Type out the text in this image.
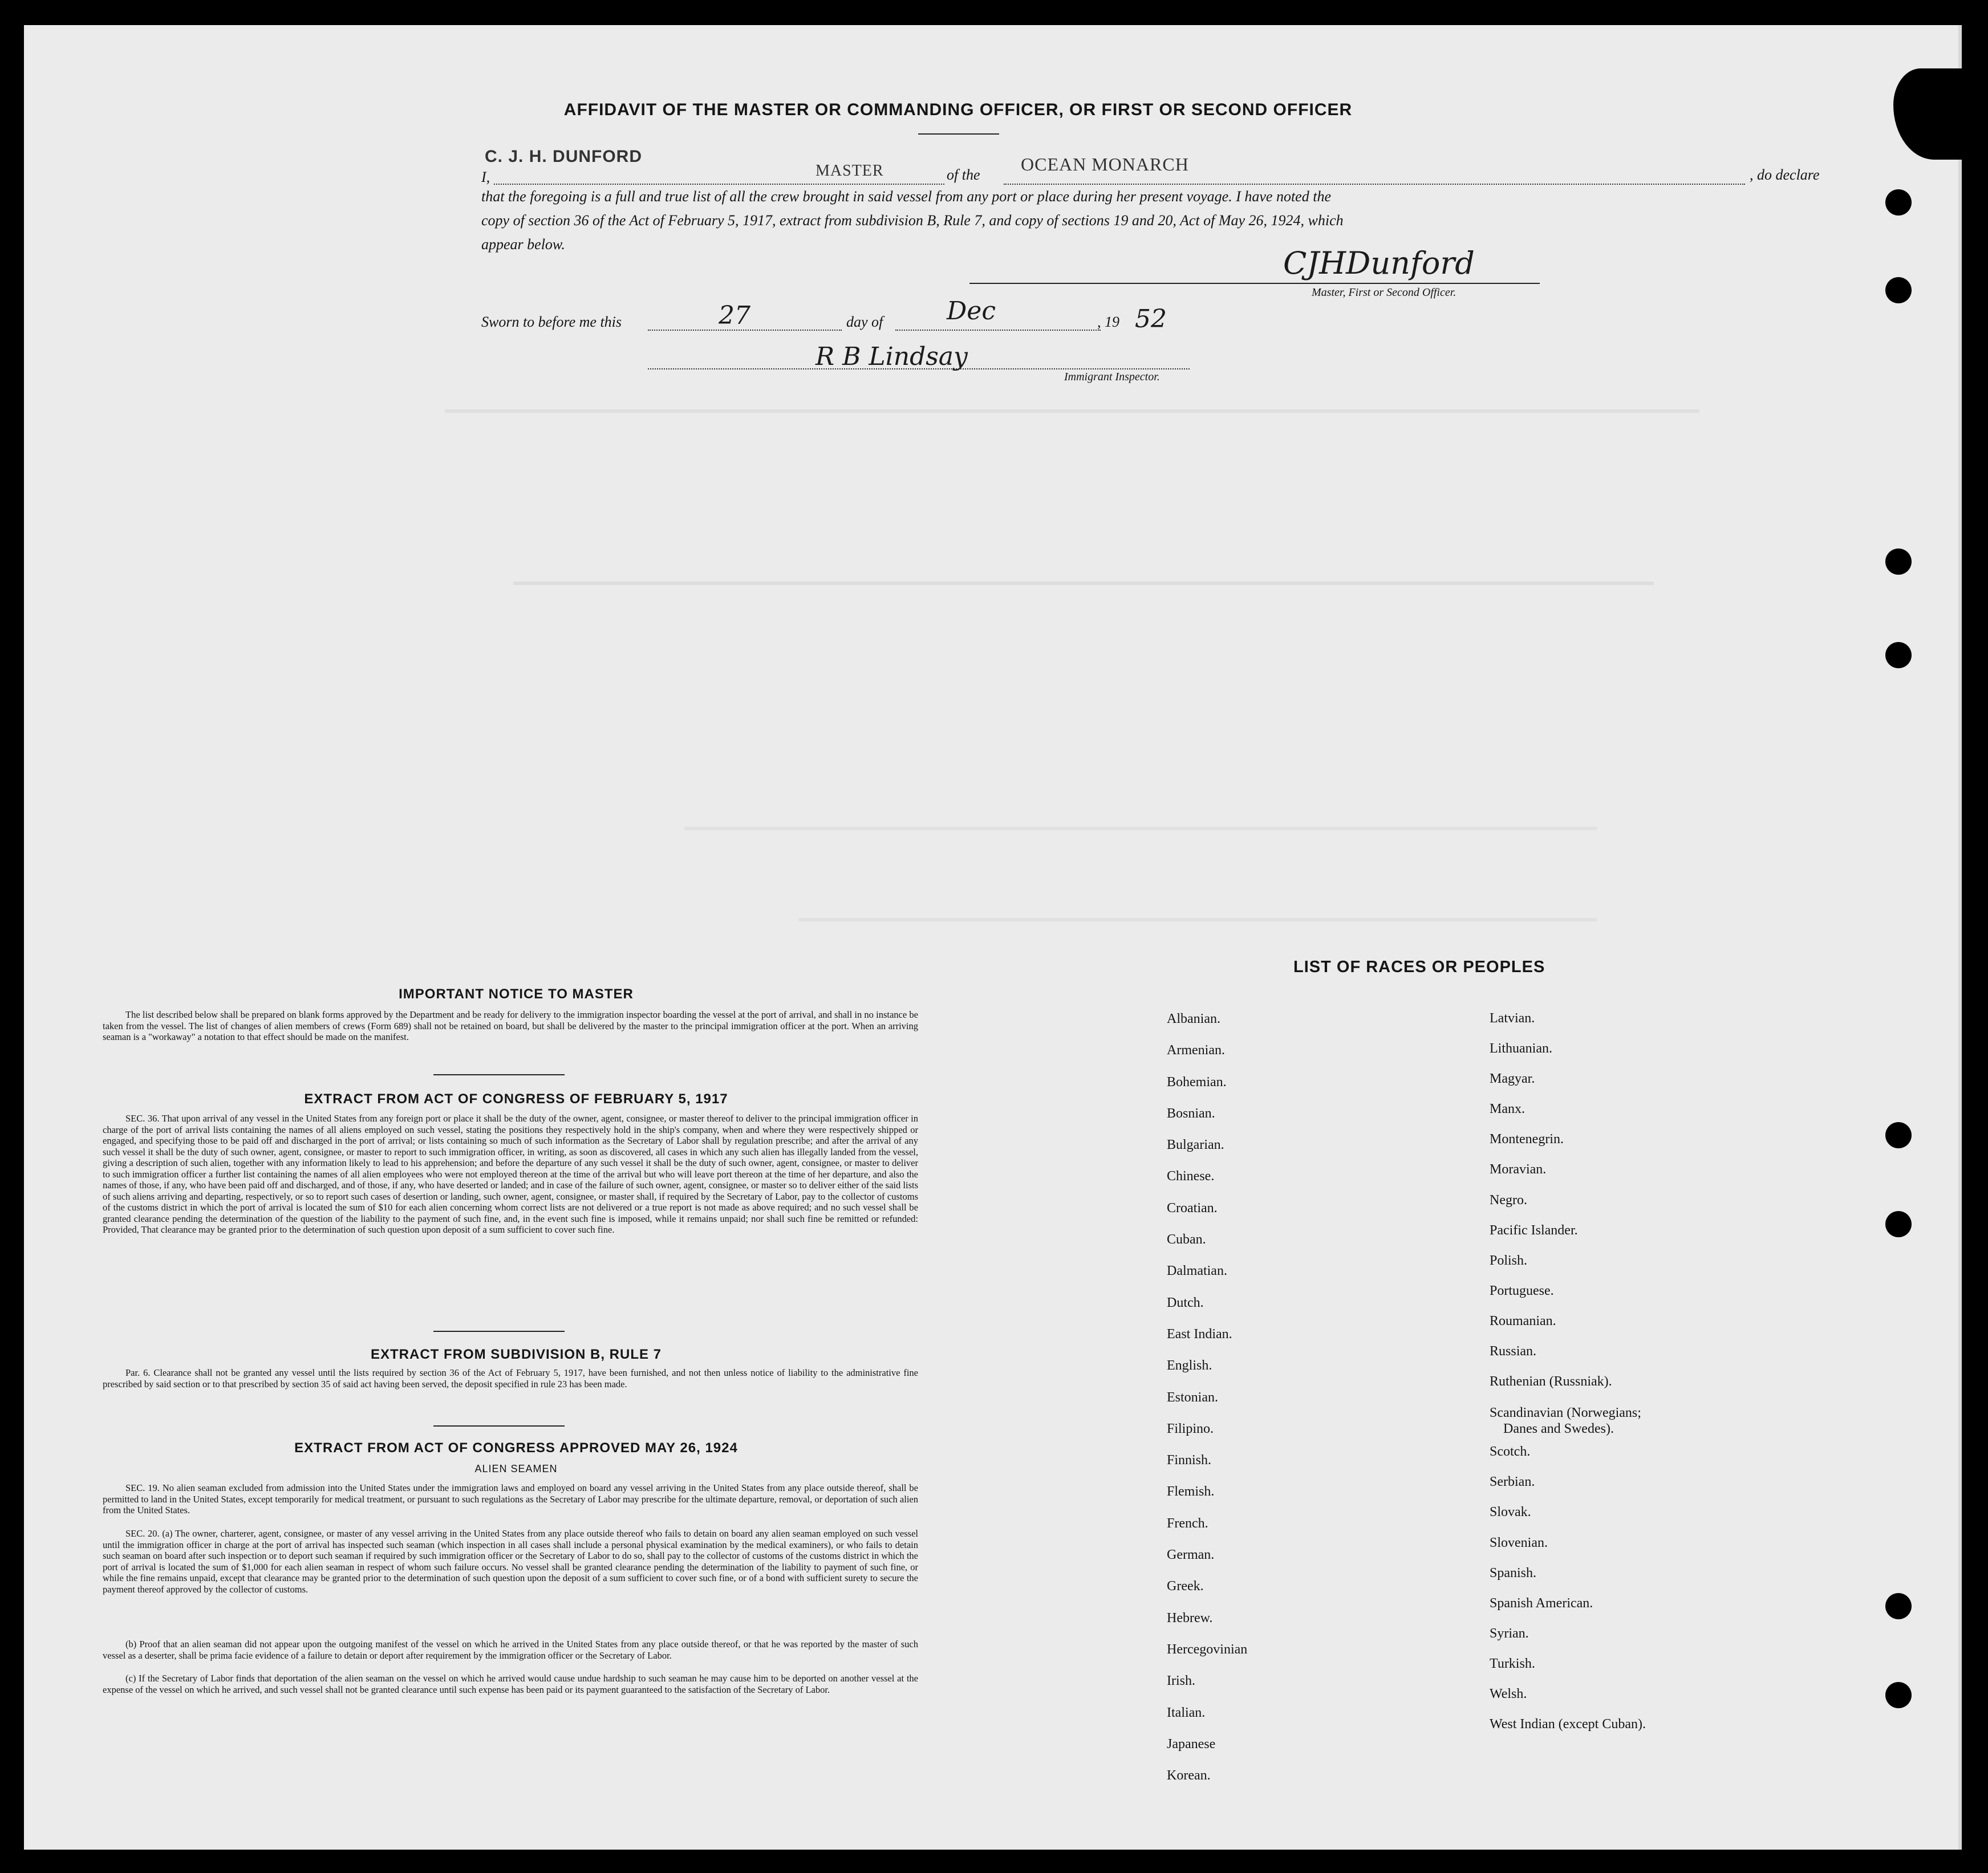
AFFIDAVIT OF THE MASTER OR COMMANDING OFFICER, OR FIRST OR SECOND OFFICER
I,
C. J. H. DUNFORD
MASTER	of the
OCEAN MONARCH
, do declare
that the foregoing is a full and true list of all the crew brought in said vessel from any port or place during her present voyage. I have noted the
copy of section 36 of the Act of February 5, 1917, extract from subdivision B, Rule 7, and copy of sections 19 and 20, Act of May 26, 1924, which
appear below.
CJHDunford
Master, First or Second Officer.
Sworn to before me this	27	day of	Dec	, 19 52
R B Lindsay
Immigrant Inspector.
IMPORTANT NOTICE TO MASTER
The list described below shall be prepared on blank forms approved by the Department and be ready for delivery to the immigration inspector boarding the vessel at the port of arrival, and shall in no instance be taken from the vessel. The list of changes of alien members of crews (Form 689) shall not be retained on board, but shall be delivered by the master to the principal immigration officer at the port. When an arriving seaman is a "workaway" a notation to that effect should be made on the manifest.
EXTRACT FROM ACT OF CONGRESS OF FEBRUARY 5, 1917
SEC. 36. That upon arrival of any vessel in the United States from any foreign port or place it shall be the duty of the owner, agent, consignee, or master thereof to deliver to the principal immigration officer in charge of the port of arrival lists containing the names of all aliens employed on such vessel, stating the positions they respectively hold in the ship's company, when and where they were respectively shipped or engaged, and specifying those to be paid off and discharged in the port of arrival; or lists containing so much of such information as the Secretary of Labor shall by regulation prescribe; and after the arrival of any such vessel it shall be the duty of such owner, agent, consignee, or master to report to such immigration officer, in writing, as soon as discovered, all cases in which any such alien has illegally landed from the vessel, giving a description of such alien, together with any information likely to lead to his apprehension; and before the departure of any such vessel it shall be the duty of such owner, agent, consignee, or master to deliver to such immigration officer a further list containing the names of all alien employees who were not employed thereon at the time of the arrival but who will leave port thereon at the time of her departure, and also the names of those, if any, who have been paid off and discharged, and of those, if any, who have deserted or landed; and in case of the failure of such owner, agent, consignee, or master so to deliver either of the said lists of such aliens arriving and departing, respectively, or so to report such cases of desertion or landing, such owner, agent, consignee, or master shall, if required by the Secretary of Labor, pay to the collector of customs of the customs district in which the port of arrival is located the sum of $10 for each alien concerning whom correct lists are not delivered or a true report is not made as above required; and no such vessel shall be granted clearance pending the determination of the question of the liability to the payment of such fine, and, in the event such fine is imposed, while it remains unpaid; nor shall such fine be remitted or refunded: Provided, That clearance may be granted prior to the determination of such question upon deposit of a sum sufficient to cover such fine.
EXTRACT FROM SUBDIVISION B, RULE 7
Par. 6. Clearance shall not be granted any vessel until the lists required by section 36 of the Act of February 5, 1917, have been furnished, and not then unless notice of liability to the administrative fine prescribed by said section or to that prescribed by section 35 of said act having been served, the deposit specified in rule 23 has been made.
EXTRACT FROM ACT OF CONGRESS APPROVED MAY 26, 1924
ALIEN SEAMEN
SEC. 19. No alien seaman excluded from admission into the United States under the immigration laws and employed on board any vessel arriving in the United States from any place outside thereof, shall be permitted to land in the United States, except temporarily for medical treatment, or pursuant to such regulations as the Secretary of Labor may prescribe for the ultimate departure, removal, or deportation of such alien from the United States.
SEC. 20. (a) The owner, charterer, agent, consignee, or master of any vessel arriving in the United States from any place outside thereof who fails to detain on board any alien seaman employed on such vessel until the immigration officer in charge at the port of arrival has inspected such seaman (which inspection in all cases shall include a personal physical examination by the medical examiners), or who fails to detain such seaman on board after such inspection or to deport such seaman if required by such immigration officer or the Secretary of Labor to do so, shall pay to the collector of customs of the customs district in which the port of arrival is located the sum of $1,000 for each alien seaman in respect of whom such failure occurs. No vessel shall be granted clearance pending the determination of the liability to payment of such fine, or while the fine remains unpaid, except that clearance may be granted prior to the determination of such question upon the deposit of a sum sufficient to cover such fine, or of a bond with sufficient surety to secure the payment thereof approved by the collector of customs.
(b) Proof that an alien seaman did not appear upon the outgoing manifest of the vessel on which he arrived in the United States from any place outside thereof, or that he was reported by the master of such vessel as a deserter, shall be prima facie evidence of a failure to detain or deport after requirement by the immigration officer or the Secretary of Labor.
(c) If the Secretary of Labor finds that deportation of the alien seaman on the vessel on which he arrived would cause undue hardship to such seaman he may cause him to be deported on another vessel at the expense of the vessel on which he arrived, and such vessel shall not be granted clearance until such expense has been paid or its payment guaranteed to the satisfaction of the Secretary of Labor.
LIST OF RACES OR PEOPLES
Albanian.
Armenian.
Bohemian.
Bosnian.
Bulgarian.
Chinese.
Croatian.
Cuban.
Dalmatian.
Dutch.
East Indian.
English.
Estonian.
Filipino.
Finnish.
Flemish.
French.
German.
Greek.
Hebrew.
Hercegovinian
Irish.
Italian.
Japanese
Korean.
Latvian.
Lithuanian.
Magyar.
Manx.
Montenegrin.
Moravian.
Negro.
Pacific Islander.
Polish.
Portuguese.
Roumanian.
Russian.
Ruthenian (Russniak).
Scandinavian (Norwegians;
Danes and Swedes).
Scotch.
Serbian.
Slovak.
Slovenian.
Spanish.
Spanish American.
Syrian.
Turkish.
Welsh.
West Indian (except Cuban).
